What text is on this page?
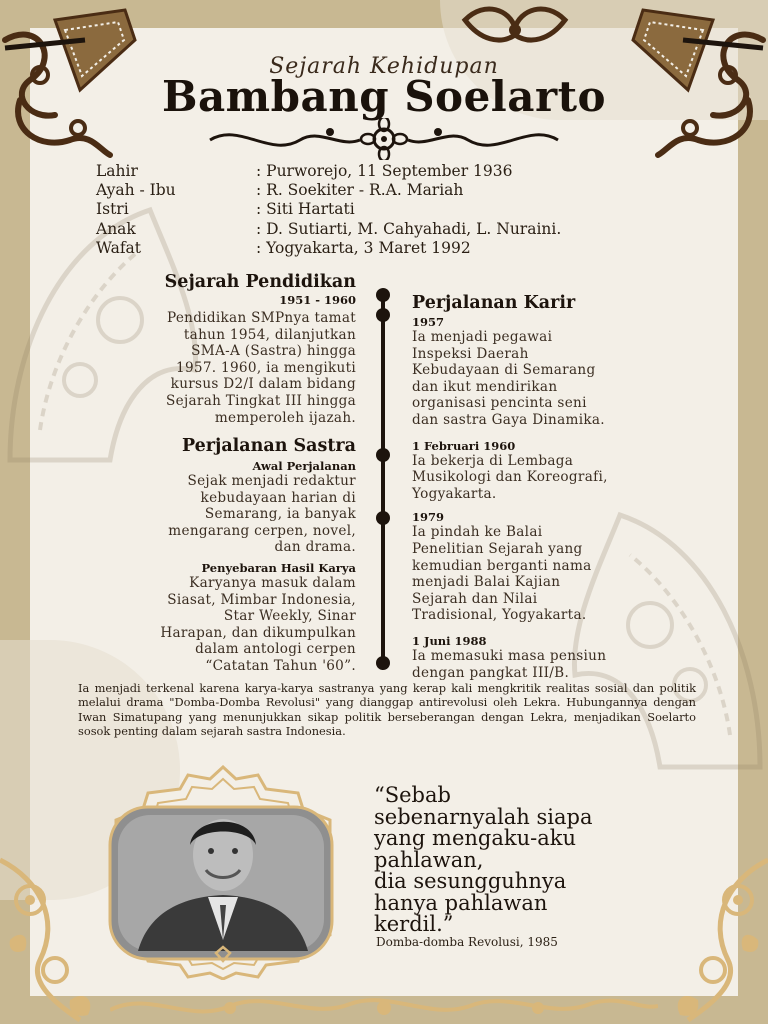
Sejarah Kehidupan
Bambang Soelarto
Lahir	: Purworejo, 11 September 1936
Ayah - Ibu	: R. Soekiter - R.A. Mariah
Istri	: Siti Hartati
Anak	: D. Sutiarti, M. Cahyahadi, L. Nuraini.
Wafat	: Yogyakarta, 3 Maret 1992
Sejarah Pendidikan
1951 - 1960
Pendidikan SMPnya tamat
tahun 1954, dilanjutkan
SMA-A (Sastra) hingga
1957. 1960, ia mengikuti
kursus D2/I dalam bidang
Sejarah Tingkat III hingga
memperoleh ijazah.
Perjalanan Sastra
Awal Perjalanan
Sejak menjadi redaktur
kebudayaan harian di
Semarang, ia banyak
mengarang cerpen, novel,
dan drama.
Penyebaran Hasil Karya
Karyanya masuk dalam
Siasat, Mimbar Indonesia,
Star Weekly, Sinar
Harapan, dan dikumpulkan
dalam antologi cerpen
“Catatan Tahun '60”.
Perjalanan Karir
1957
Ia menjadi pegawai
Inspeksi Daerah
Kebudayaan di Semarang
dan ikut mendirikan
organisasi pencinta seni
dan sastra Gaya Dinamika.
1 Februari 1960
Ia bekerja di Lembaga
Musikologi dan Koreografi,
Yogyakarta.
1979
Ia pindah ke Balai
Penelitian Sejarah yang
kemudian berganti nama
menjadi Balai Kajian
Sejarah dan Nilai
Tradisional, Yogyakarta.
1 Juni 1988
Ia memasuki masa pensiun
dengan pangkat III/B.
Ia menjadi terkenal karena karya-karya sastranya yang kerap kali mengkritik realitas sosial dan politik melalui drama "Domba-Domba Revolusi" yang dianggap antirevolusi oleh Lekra. Hubungannya dengan Iwan Simatupang yang menunjukkan sikap politik berseberangan dengan Lekra, menjadikan Soelarto sosok penting dalam sejarah sastra Indonesia.
“Sebab
sebenarnyalah siapa
yang mengaku-aku
pahlawan,
dia sesungguhnya
hanya pahlawan
kerdil.”
Domba-domba Revolusi, 1985
